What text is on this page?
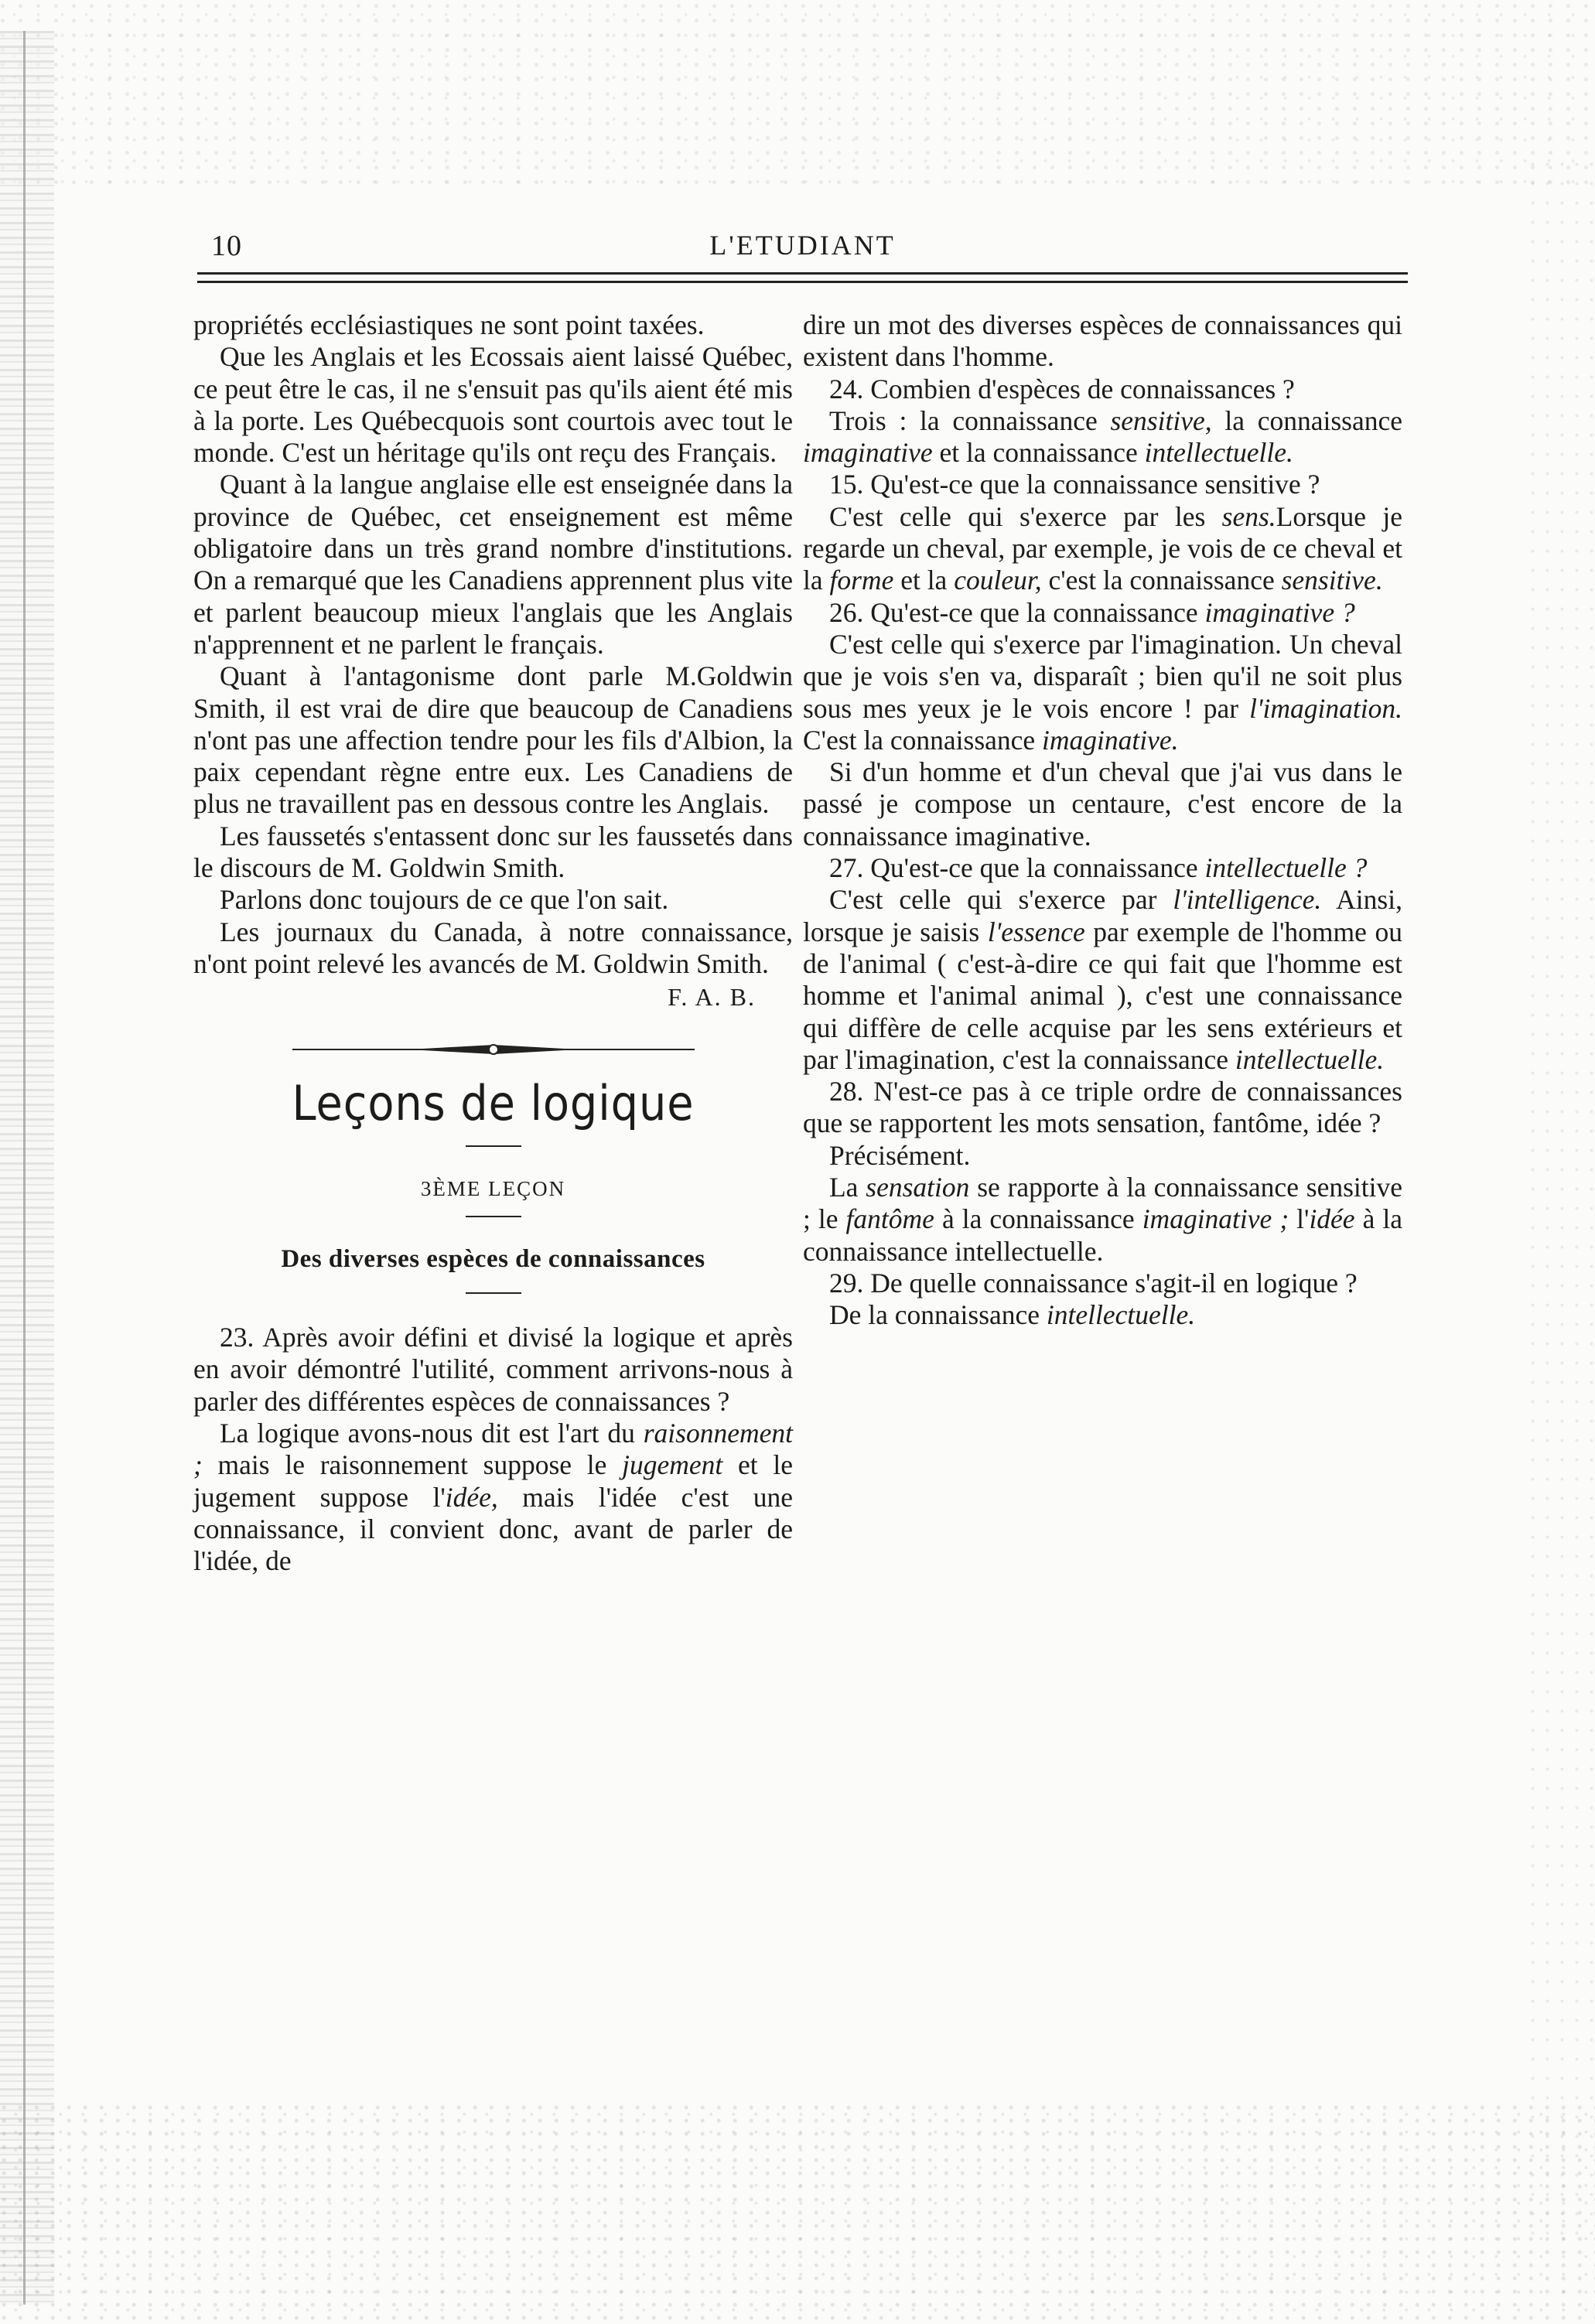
10	L'ETUDIANT

propriétés ecclésiastiques ne sont point taxées.

Que les Anglais et les Ecossais aient laissé Québec, ce peut être le cas, il ne s'ensuit pas qu'ils aient été mis à la porte. Les Québecquois sont courtois avec tout le monde. C'est un héritage qu'ils ont reçu des Français.

Quant à la langue anglaise elle est enseignée dans la province de Québec, cet enseignement est même obligatoire dans un très grand nombre d'institutions. On a remarqué que les Canadiens apprennent plus vite et parlent beaucoup mieux l'anglais que les Anglais n'apprennent et ne parlent le français.

Quant à l'antagonisme dont parle M.Goldwin Smith, il est vrai de dire que beaucoup de Canadiens n'ont pas une affection tendre pour les fils d'Albion, la paix cependant règne entre eux. Les Canadiens de plus ne travaillent pas en dessous contre les Anglais.

Les faussetés s'entassent donc sur les faussetés dans le discours de M. Goldwin Smith.

Parlons donc toujours de ce que l'on sait.

Les journaux du Canada, à notre connaissance, n'ont point relevé les avancés de M. Goldwin Smith.

F. A. B.

Leçons de logique

3ÈME LEÇON

Des diverses espèces de connaissances

23. Après avoir défini et divisé la logique et après en avoir démontré l'utilité, comment arrivons-nous à parler des différentes espèces de connaissances ?

La logique avons-nous dit est l'art du raisonnement ; mais le raisonnement suppose le jugement et le jugement suppose l'idée, mais l'idée c'est une connaissance, il convient donc, avant de parler de l'idée, de

dire un mot des diverses espèces de connaissances qui existent dans l'homme.

24. Combien d'espèces de connaissances ?

Trois : la connaissance sensitive, la connaissance imaginative et la connaissance intellectuelle.

15. Qu'est-ce que la connaissance sensitive ?

C'est celle qui s'exerce par les sens.Lorsque je regarde un cheval, par exemple, je vois de ce cheval et la forme et la couleur, c'est la connaissance sensitive.

26. Qu'est-ce que la connaissance imaginative ?

C'est celle qui s'exerce par l'imagination. Un cheval que je vois s'en va, disparaît ; bien qu'il ne soit plus sous mes yeux je le vois encore ! par l'imagination. C'est la connaissance imaginative.

Si d'un homme et d'un cheval que j'ai vus dans le passé je compose un centaure, c'est encore de la connaissance imaginative.

27. Qu'est-ce que la connaissance intellectuelle ?

C'est celle qui s'exerce par l'intelligence. Ainsi, lorsque je saisis l'essence par exemple de l'homme ou de l'animal ( c'est-à-dire ce qui fait que l'homme est homme et l'animal animal ), c'est une connaissance qui diffère de celle acquise par les sens extérieurs et par l'imagination, c'est la connaissance intellectuelle.

28. N'est-ce pas à ce triple ordre de connaissances que se rapportent les mots sensation, fantôme, idée ?

Précisément.

La sensation se rapporte à la connaissance sensitive ; le fantôme à la connaissance imaginative ; l'idée à la connaissance intellectuelle.

29. De quelle connaissance s'agit-il en logique ?

De la connaissance intellectuelle.
